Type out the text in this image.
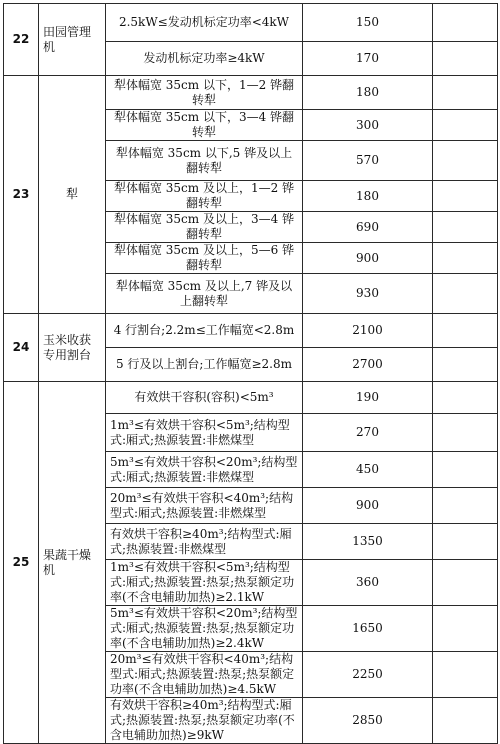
22	田园管理机	2.5kW≤发动机标定功率<4kW	150	
		发动机标定功率≥4kW	170	
23	犁	犁体幅宽 35cm 以下，1—2 铧翻转犁	180	
		犁体幅宽 35cm 以下，3—4 铧翻转犁	300	
		犁体幅宽 35cm 以下,5 铧及以上翻转犁	570	
		犁体幅宽 35cm 及以上，1—2 铧翻转犁	180	
		犁体幅宽 35cm 及以上，3—4 铧翻转犁	690	
		犁体幅宽 35cm 及以上，5—6 铧翻转犁	900	
		犁体幅宽 35cm 及以上,7 铧及以上翻转犁	930	
24	玉米收获专用割台	4 行割台;2.2m≤工作幅宽<2.8m	2100	
		5 行及以上割台;工作幅宽≥2.8m	2700	
25	果蔬干燥机	有效烘干容积(容积)<5m³	190	
		1m³≤有效烘干容积<5m³;结构型式:厢式;热源装置:非燃煤型	270	
		5m³≤有效烘干容积<20m³;结构型式:厢式;热源装置:非燃煤型	450	
		20m³≤有效烘干容积<40m³;结构型式:厢式;热源装置:非燃煤型	900	
		有效烘干容积≥40m³;结构型式:厢式;热源装置:非燃煤型	1350	
		1m³≤有效烘干容积<5m³;结构型式:厢式;热源装置:热泵;热泵额定功率(不含电辅助加热)≥2.1kW	360	
		5m³≤有效烘干容积<20m³;结构型式:厢式;热源装置:热泵;热泵额定功率(不含电辅助加热)≥2.4kW	1650	
		20m³≤有效烘干容积<40m³;结构型式:厢式;热源装置:热泵;热泵额定功率(不含电辅助加热)≥4.5kW	2250	
		有效烘干容积≥40m³;结构型式:厢式;热源装置:热泵;热泵额定功率(不含电辅助加热)≥9kW	2850	
